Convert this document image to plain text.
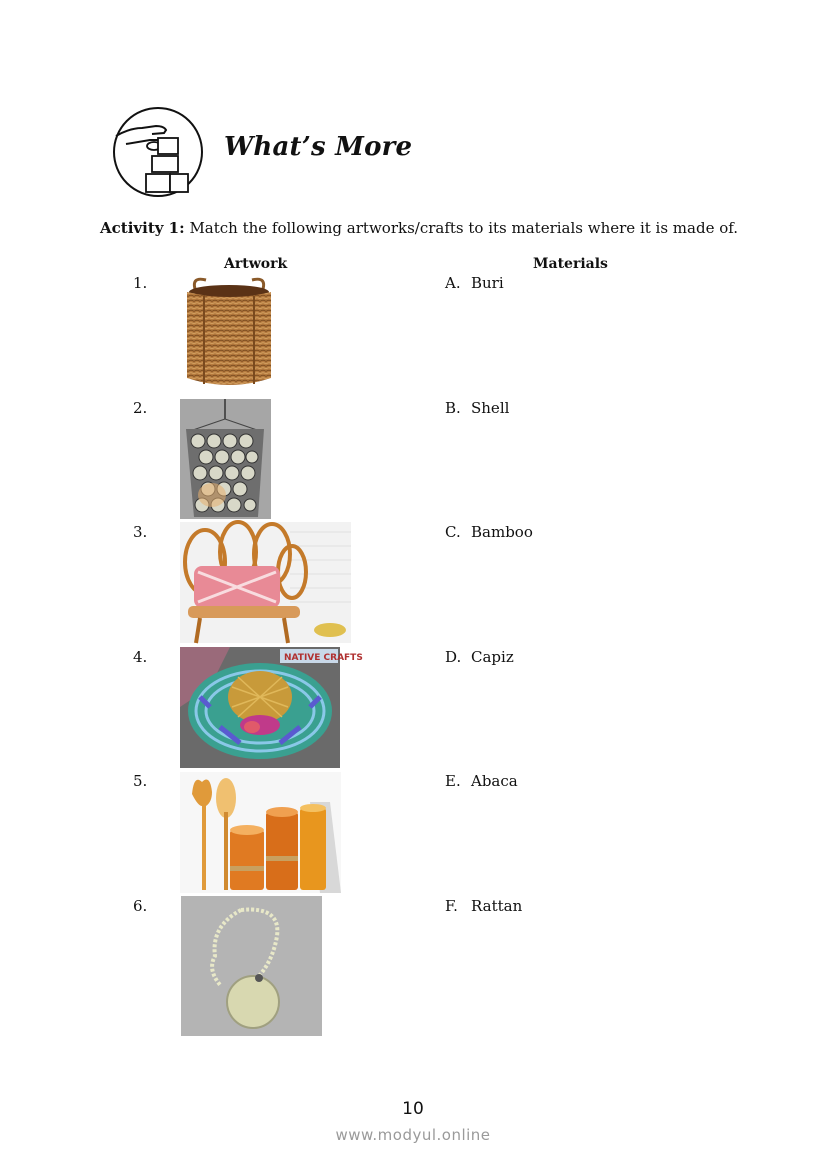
What’s More
Activity 1: Match the following artworks/crafts to its materials where it is made of.
Artwork	Materials
1.
2.
3.
4.
5.
6.
A. Buri
B. Shell
C. Bamboo
D. Capiz
E. Abaca
F. Rattan
NATIVE CRAFTS
10
www.modyul.online
